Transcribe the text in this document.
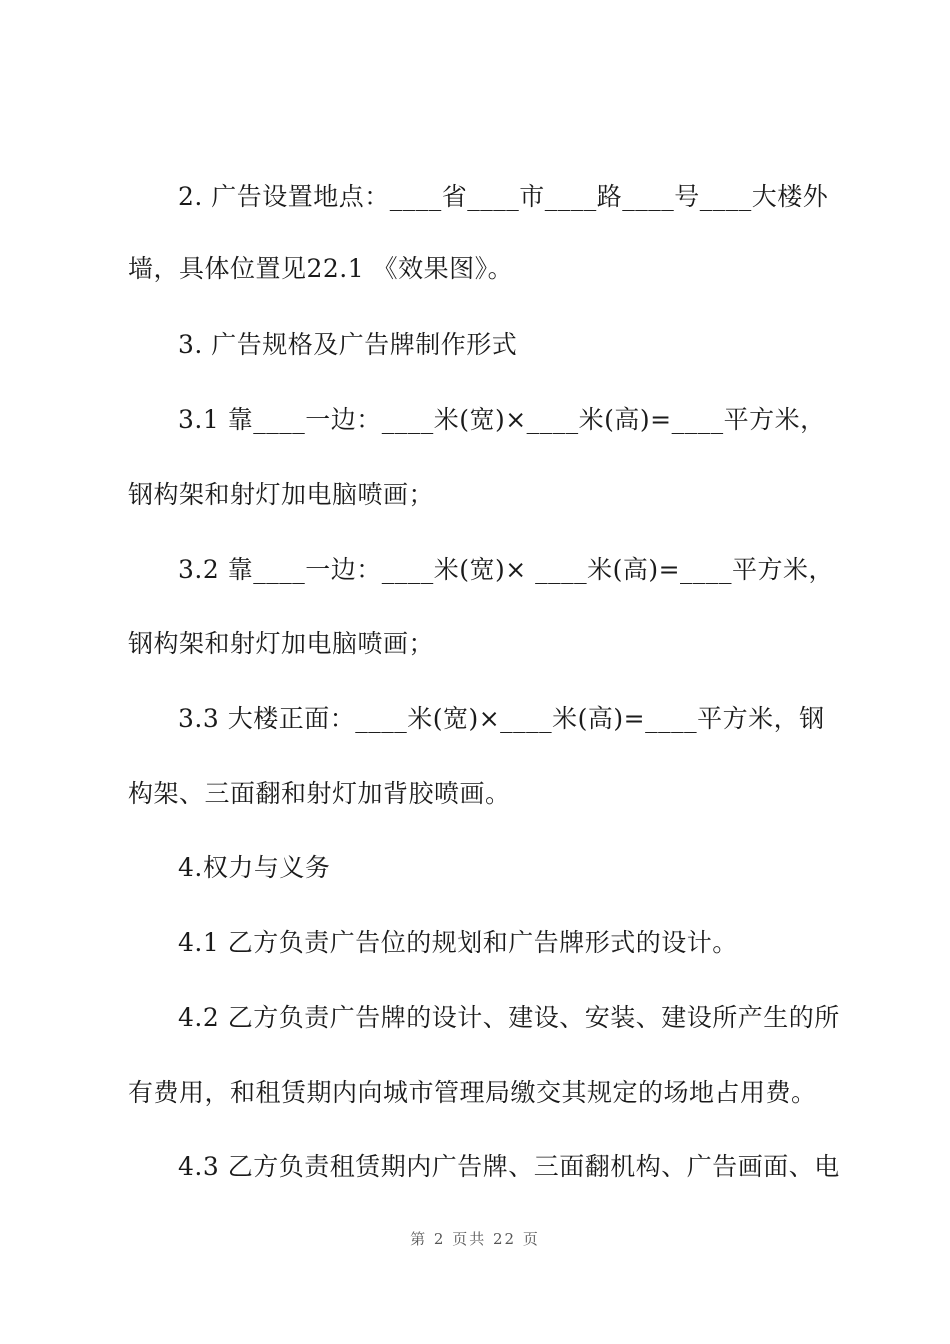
2. 广告设置地点：____省____市____路____号____大楼外
墙，具体位置见22.1 《效果图》。
3. 广告规格及广告牌制作形式
3.1 靠____一边：____米(宽)×____米(高)=____平方米，
钢构架和射灯加电脑喷画；
3.2 靠____一边：____米(宽)× ____米(高)=____平方米，
钢构架和射灯加电脑喷画；
3.3 大楼正面：____米(宽)×____米(高)=____平方米，钢
构架、三面翻和射灯加背胶喷画。
4.权力与义务
4.1 乙方负责广告位的规划和广告牌形式的设计。
4.2 乙方负责广告牌的设计、建设、安装、建设所产生的所
有费用，和租赁期内向城市管理局缴交其规定的场地占用费。
4.3 乙方负责租赁期内广告牌、三面翻机构、广告画面、电
第 2 页共 22 页
